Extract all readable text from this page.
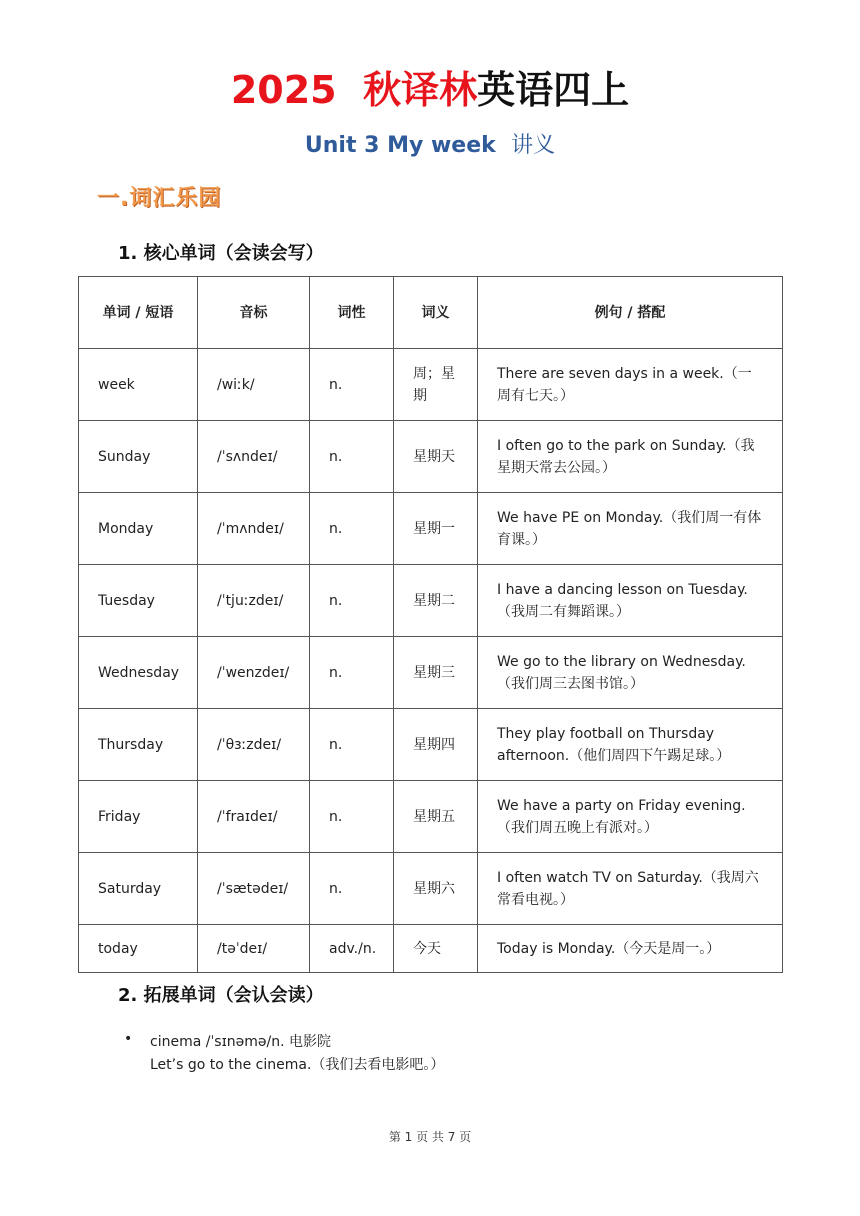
2025 秋译林英语四上
Unit 3 My week 讲义
一.词汇乐园
1. 核心单词（会读会写）
单词 / 短语	音标	词性	词义	例句 / 搭配
week	/wiːk/	n.	周；星期	There are seven days in a week.（一周有七天。）
Sunday	/ˈsʌndeɪ/	n.	星期天	I often go to the park on Sunday.（我星期天常去公园。）
Monday	/ˈmʌndeɪ/	n.	星期一	We have PE on Monday.（我们周一有体育课。）
Tuesday	/ˈtjuːzdeɪ/	n.	星期二	I have a dancing lesson on Tuesday.（我周二有舞蹈课。）
Wednesday	/ˈwenzdeɪ/	n.	星期三	We go to the library on Wednesday.（我们周三去图书馆。）
Thursday	/ˈθɜːzdeɪ/	n.	星期四	They play football on Thursday afternoon.（他们周四下午踢足球。）
Friday	/ˈfraɪdeɪ/	n.	星期五	We have a party on Friday evening.（我们周五晚上有派对。）
Saturday	/ˈsætədeɪ/	n.	星期六	I often watch TV on Saturday.（我周六常看电视。）
today	/təˈdeɪ/	adv./n.	今天	Today is Monday.（今天是周一。）
2. 拓展单词（会认会读）
• cinema /ˈsɪnəmə/n. 电影院
Let’s go to the cinema.（我们去看电影吧。）
第 1 页 共 7 页
